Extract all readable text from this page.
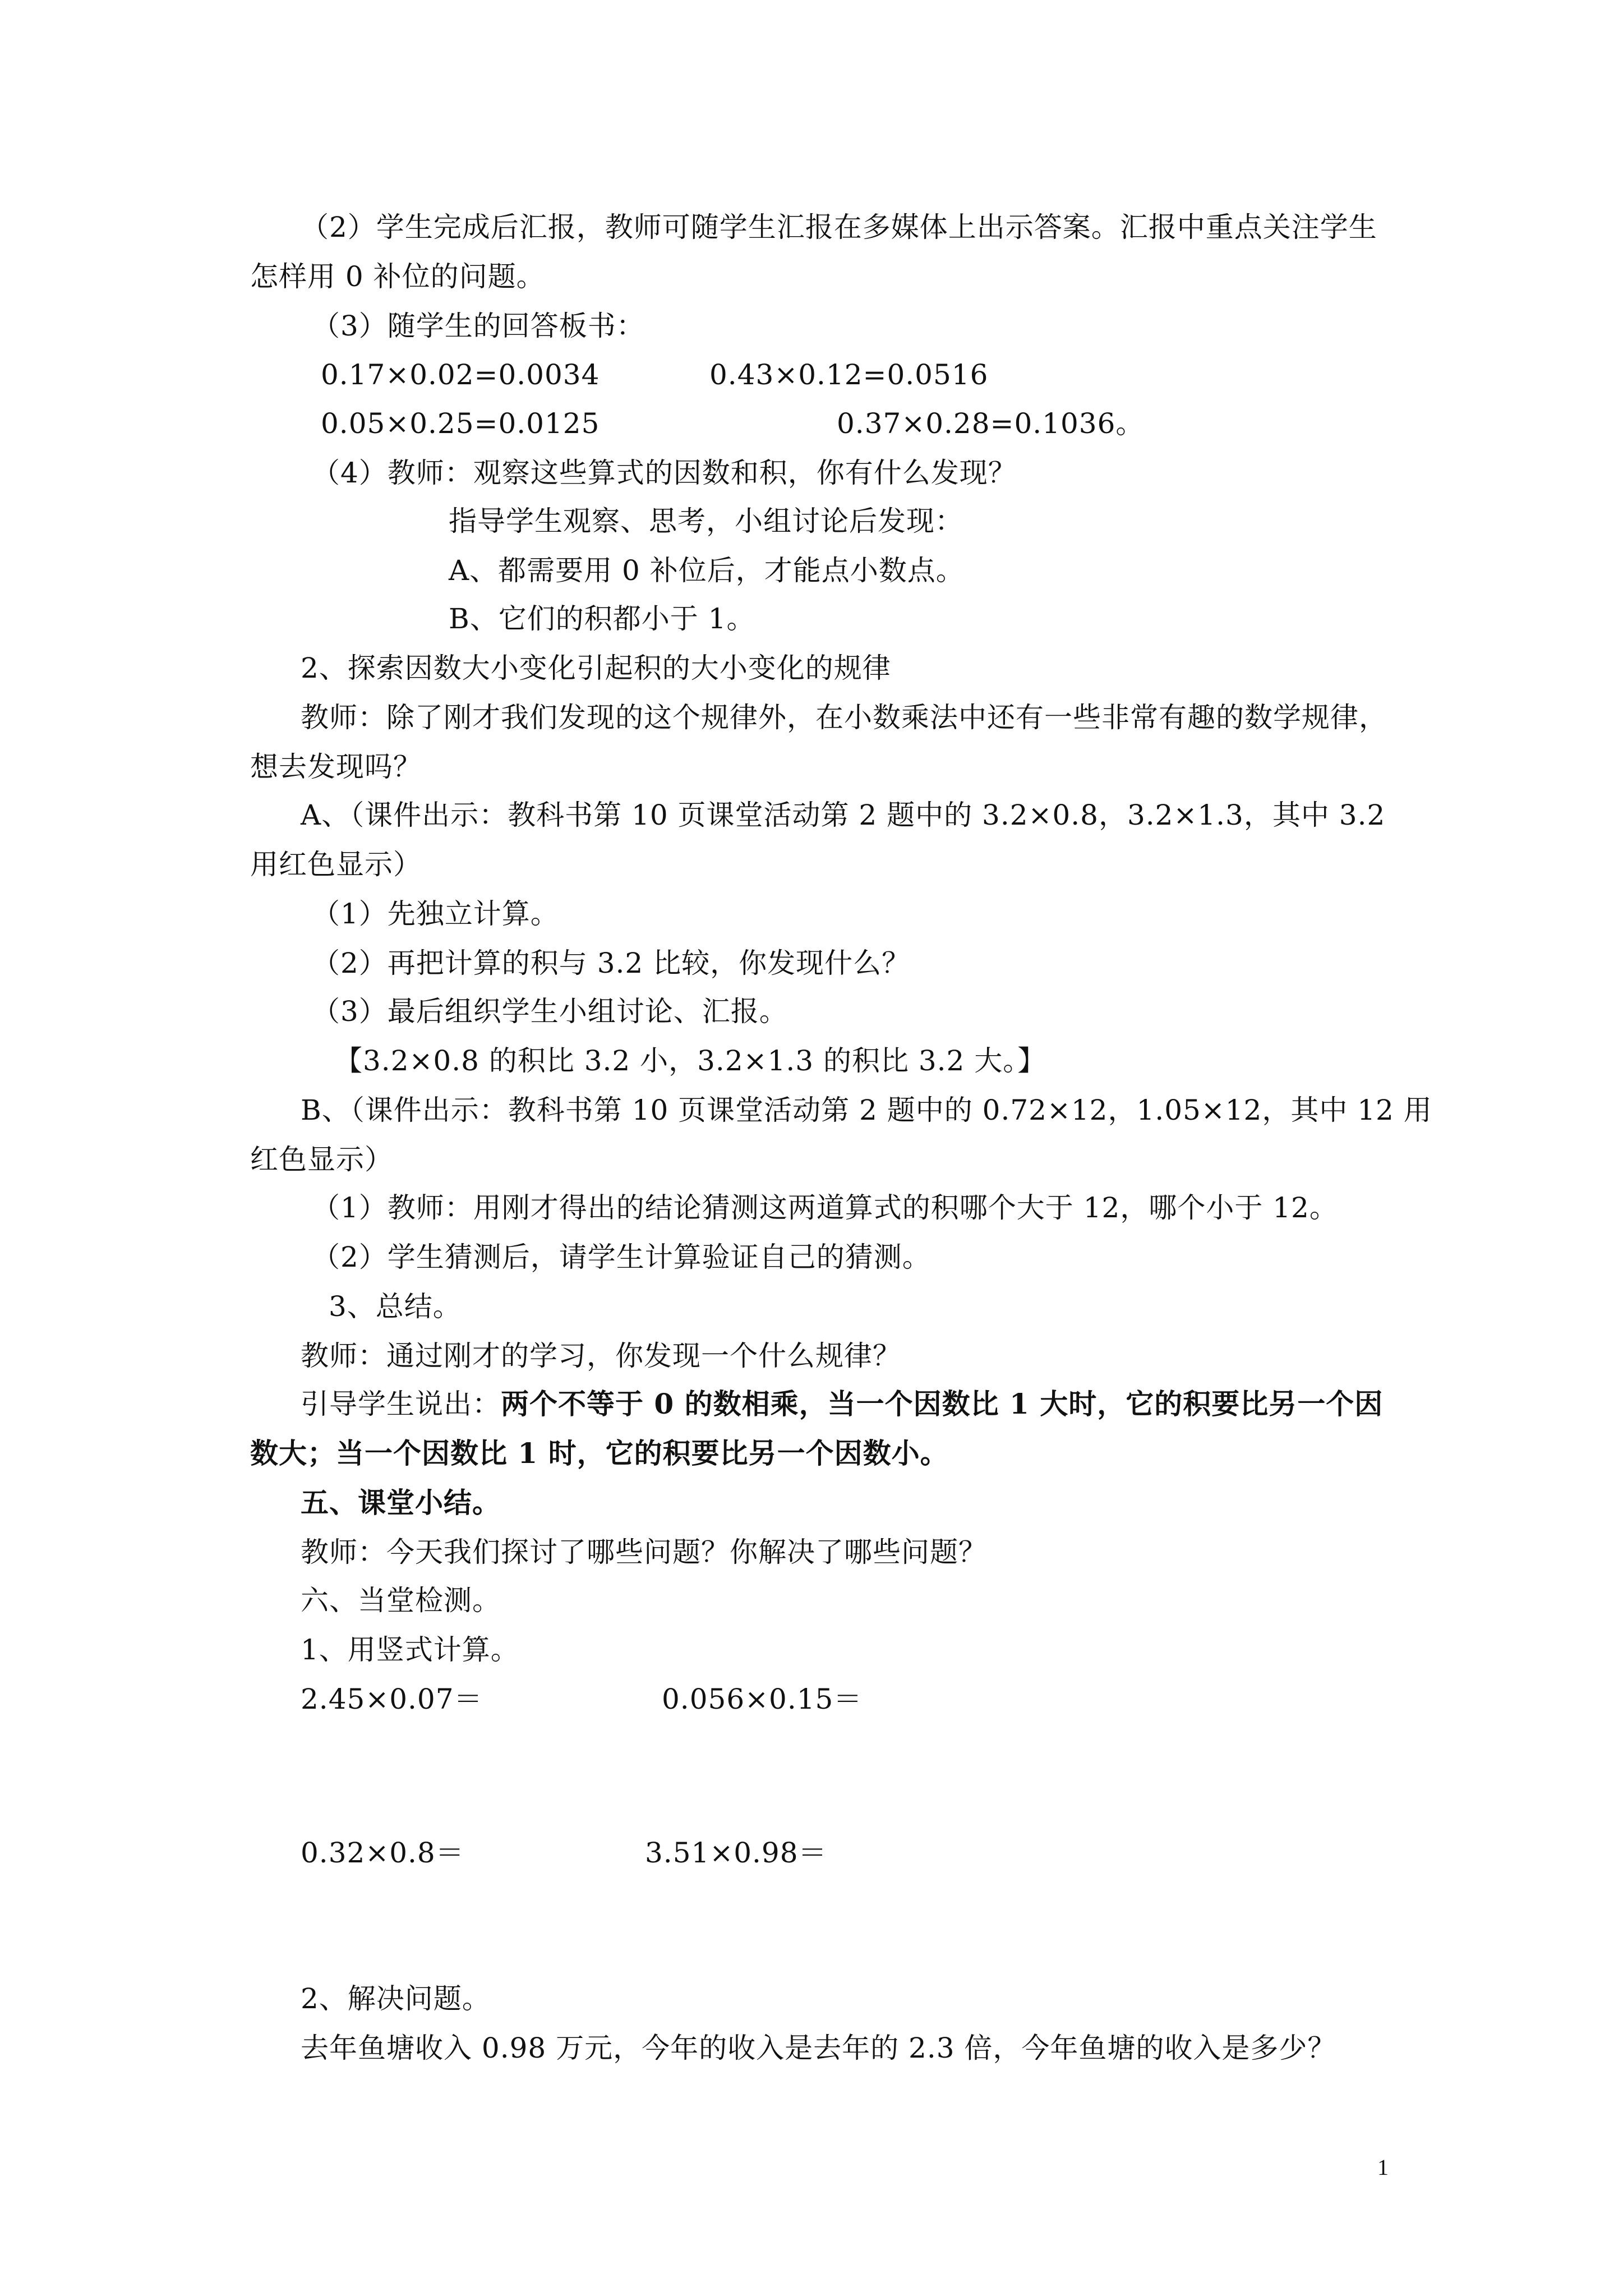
（2）学生完成后汇报，教师可随学生汇报在多媒体上出示答案。汇报中重点关注学生
怎样用 0 补位的问题。
（3）随学生的回答板书：
0.17×0.02=0.0034	0.43×0.12=0.0516
0.05×0.25=0.0125	0.37×0.28=0.1036。
（4）教师：观察这些算式的因数和积，你有什么发现？
指导学生观察、思考，小组讨论后发现：
A、都需要用 0 补位后，才能点小数点。
B、它们的积都小于 1。
2、探索因数大小变化引起积的大小变化的规律
教师：除了刚才我们发现的这个规律外，在小数乘法中还有一些非常有趣的数学规律，
想去发现吗？
A、（课件出示：教科书第 10 页课堂活动第 2 题中的 3.2×0.8，3.2×1.3，其中 3.2
用红色显示）
（1）先独立计算。
（2）再把计算的积与 3.2 比较，你发现什么？
（3）最后组织学生小组讨论、汇报。
【3.2×0.8 的积比 3.2 小，3.2×1.3 的积比 3.2 大。】
B、（课件出示：教科书第 10 页课堂活动第 2 题中的 0.72×12，1.05×12，其中 12 用
红色显示）
（1）教师：用刚才得出的结论猜测这两道算式的积哪个大于 12，哪个小于 12。
（2）学生猜测后，请学生计算验证自己的猜测。
3、总结。
教师：通过刚才的学习，你发现一个什么规律？
引导学生说出：两个不等于 0 的数相乘，当一个因数比 1 大时，它的积要比另一个因
数大；当一个因数比 1 时，它的积要比另一个因数小。
五、课堂小结。
教师：今天我们探讨了哪些问题？你解决了哪些问题？
六、当堂检测。
1、用竖式计算。
2.45×0.07＝	0.056×0.15＝
0.32×0.8＝	3.51×0.98＝
2、解决问题。
去年鱼塘收入 0.98 万元，今年的收入是去年的 2.3 倍，今年鱼塘的收入是多少？
1
